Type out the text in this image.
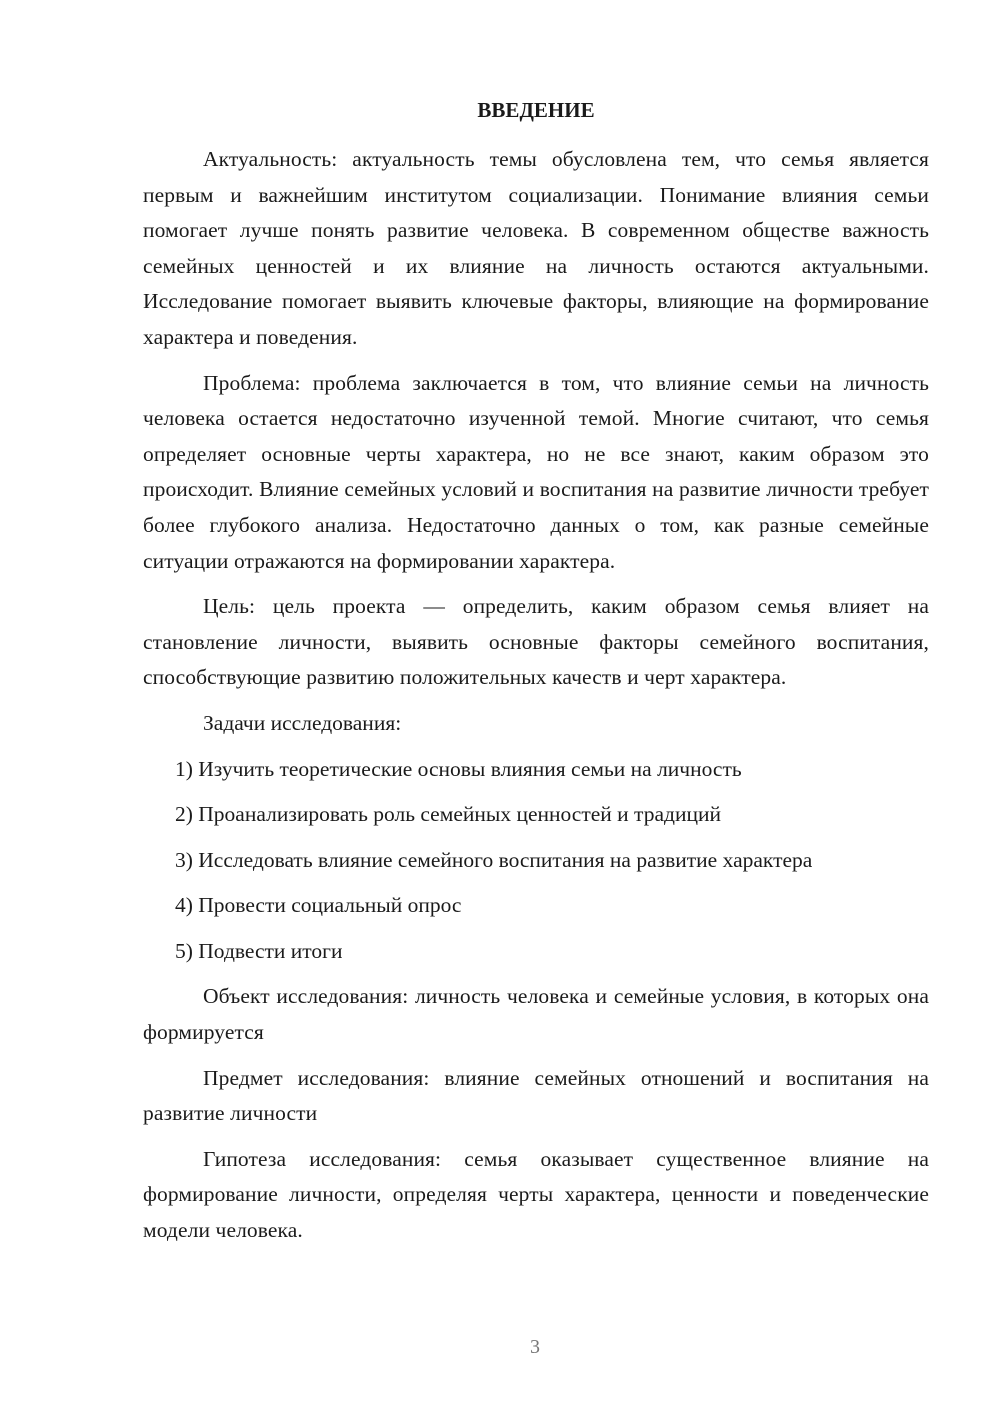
ВВЕДЕНИЕ

Актуальность: актуальность темы обусловлена тем, что семья является первым и важнейшим институтом социализации. Понимание влияния семьи помогает лучше понять развитие человека. В современном обществе важность семейных ценностей и их влияние на личность остаются актуальными. Исследование помогает выявить ключевые факторы, влияющие на формирование характера и поведения.

Проблема: проблема заключается в том, что влияние семьи на личность человека остается недостаточно изученной темой. Многие считают, что семья определяет основные черты характера, но не все знают, каким образом это происходит. Влияние семейных условий и воспитания на развитие личности требует более глубокого анализа. Недостаточно данных о том, как разные семейные ситуации отражаются на формировании характера.

Цель: цель проекта — определить, каким образом семья влияет на становление личности, выявить основные факторы семейного воспитания, способствующие развитию положительных качеств и черт характера.

Задачи исследования:

1) Изучить теоретические основы влияния семьи на личность
2) Проанализировать роль семейных ценностей и традиций
3) Исследовать влияние семейного воспитания на развитие характера
4) Провести социальный опрос
5) Подвести итоги

Объект исследования: личность человека и семейные условия, в которых она формируется

Предмет исследования: влияние семейных отношений и воспитания на развитие личности

Гипотеза исследования: семья оказывает существенное влияние на формирование личности, определяя черты характера, ценности и поведенческие модели человека.

3
